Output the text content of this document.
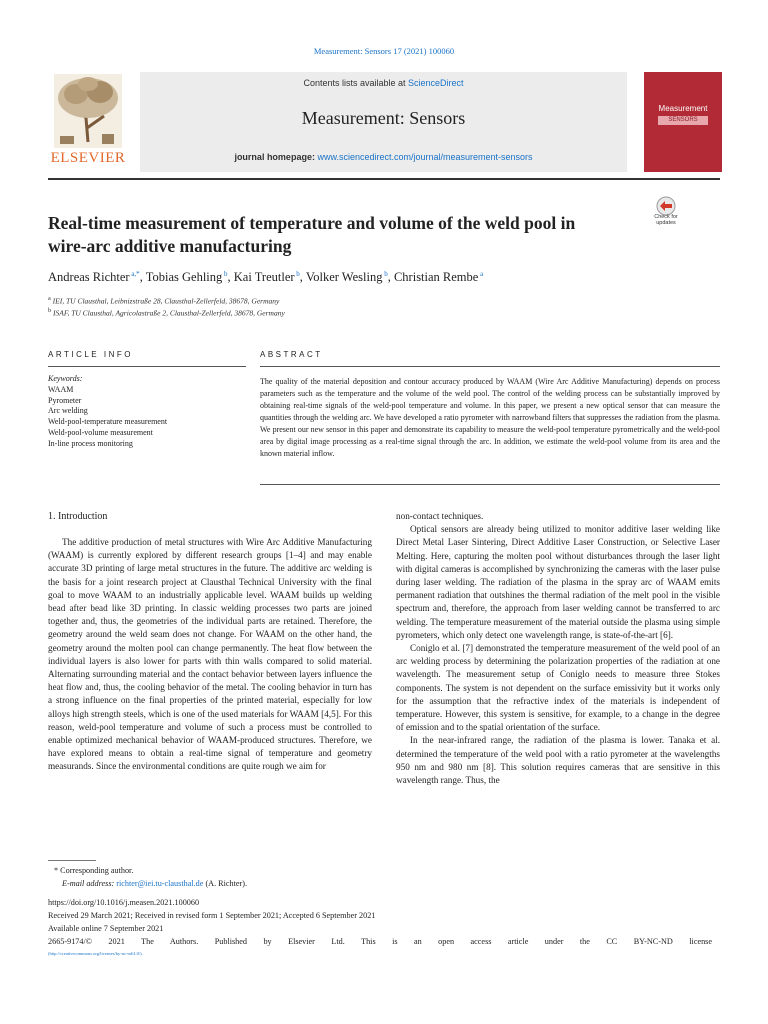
Measurement: Sensors 17 (2021) 100060
ELSEVIER
Contents lists available at ScienceDirect
Measurement: Sensors
journal homepage: www.sciencedirect.com/journal/measurement-sensors
Measurement
SENSORS
Real-time measurement of temperature and volume of the weld pool in wire-arc additive manufacturing
Check for updates
Andreas Richter $^{a,*}$, Tobias Gehling $^b$, Kai Treutler $^b$, Volker Wesling $^b$, Christian Rembe $^a$
$^a$ IEI, TU Clausthal, Leibnizstraße 28, Clausthal-Zellerfeld, 38678, Germany
$^b$ ISAF, TU Clausthal, Agricolastraße 2, Clausthal-Zellerfeld, 38678, Germany
ARTICLE INFO	ABSTRACT
Keywords:
WAAM
Pyrometer
Arc welding
Weld-pool-temperature measurement
Weld-pool-volume measurement
In-line process monitoring
The quality of the material deposition and contour accuracy produced by WAAM (Wire Arc Additive Manufacturing) depends on process parameters such as the temperature and the volume of the weld pool. The control of the welding process can be substantially improved by obtaining real-time signals of the weld-pool temperature and volume. In this paper, we present a new optical sensor that can measure the quantities through the welding arc. We have developed a ratio pyrometer with narrowband filters that suppresses the radiation from the plasma. We present our new sensor in this paper and demonstrate its capability to measure the weld-pool temperature pyrometrically and the weld-pool area by digital image processing as a real-time signal through the arc. In addition, we estimate the weld-pool volume from its area and the known material inflow.
1. Introduction

The additive production of metal structures with Wire Arc Additive Manufacturing (WAAM) is currently explored by different research groups [1–4] and may enable accurate 3D printing of large metal structures in the future. The additive arc welding is the basis for a joint research project at Clausthal Technical University with the final goal to move WAAM to an industrially applicable level. WAAM builds up welding bead after bead like 3D printing. In classic welding processes two parts are joined together and, thus, the geometries of the individual parts are retained. Therefore, the geometry around the weld seam does not change. For WAAM on the other hand, the geometry around the molten pool can change permanently. The heat flow between the individual layers is also lower for parts with thin walls compared to solid material. Alternating surrounding material and the contact behavior between layers influence the heat flow and, thus, the cooling behavior of the metal. The cooling behavior in turn has a strong influence on the final properties of the printed material, especially for low alloys high strength steels, which is one of the used materials for WAAM [4,5]. For this reason, weld-pool temperature and volume of such a process must be controlled to enable optimized mechanical behavior of WAAM-produced structures. Therefore, we have explored means to obtain a real-time signal of temperature and geometry measurands. Since the environmental conditions are quite rough we aim for

non-contact techniques.

Optical sensors are already being utilized to monitor additive laser welding like Direct Metal Laser Sintering, Direct Additive Laser Construction, or Selective Laser Melting. Here, capturing the molten pool without disturbances through the laser light with digital cameras is accomplished by synchronizing the cameras with the laser pulse during laser welding. The radiation of the plasma in the spray arc of WAAM emits permanent radiation that outshines the thermal radiation of the melt pool in the visible spectrum and, therefore, the approach from laser welding cannot be transferred to arc welding. The temperature measurement of the material outside the plasma using simple pyrometers, which only detect one wavelength range, is state-of-the-art [6].

Coniglo et al. [7] demonstrated the temperature measurement of the weld pool of an arc welding process by determining the polarization properties of the radiation at one wavelength. The measurement setup of Coniglo needs to measure three Stokes components. The system is not dependent on the surface emissivity but it works only for the assumption that the refractive index of the materials is independent of temperature. However, this system is sensitive, for example, to a change in the degree of emission and to the spatial orientation of the surface.

In the near-infrared range, the radiation of the plasma is lower. Tanaka et al. determined the temperature of the weld pool with a ratio pyrometer at the wavelengths 950 nm and 980 nm [8]. This solution requires cameras that are sensitive in this wavelength range. Thus, the

* Corresponding author.
E-mail address: richter@iei.tu-clausthal.de (A. Richter).
https://doi.org/10.1016/j.measen.2021.100060
Received 29 March 2021; Received in revised form 1 September 2021; Accepted 6 September 2021
Available online 7 September 2021
2665-9174/© 2021 The Authors. Published by Elsevier Ltd. This is an open access article under the CC BY-NC-ND license
(http://creativecommons.org/licenses/by-nc-nd/4.0/).
